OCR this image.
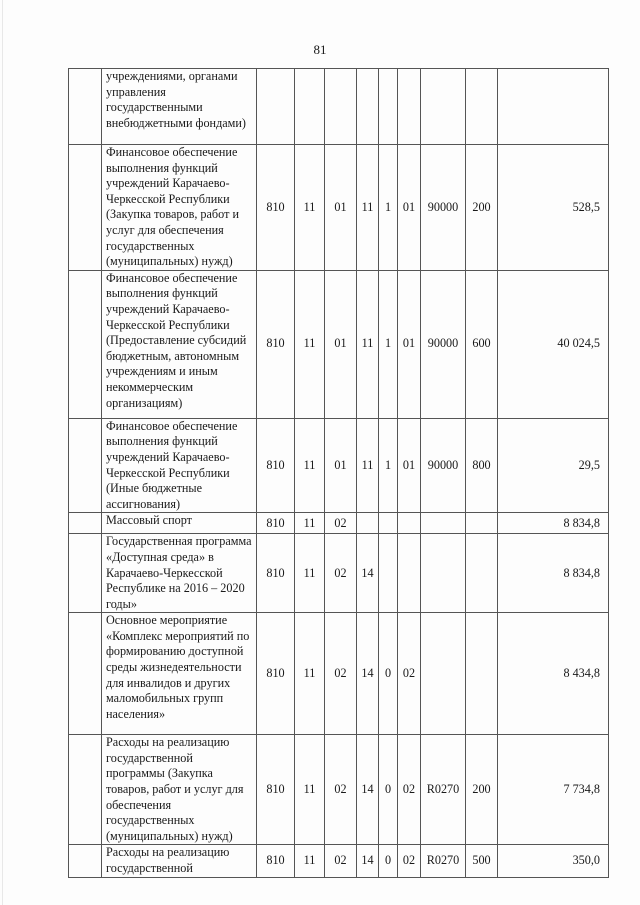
81
	учреждениями, органами управления государственными внебюджетными фондами)									
	Финансовое обеспечение выполнения функций учреждений Карачаево-Черкесской Республики (Закупка товаров, работ и услуг для обеспечения государственных (муниципальных) нужд)	810	11	01	11	1	01	90000	200	528,5
	Финансовое обеспечение выполнения функций учреждений Карачаево-Черкесской Республики (Предоставление субсидий бюджетным, автономным учреждениям и иным некоммерческим организациям)	810	11	01	11	1	01	90000	600	40 024,5
	Финансовое обеспечение выполнения функций учреждений Карачаево-Черкесской Республики (Иные бюджетные ассигнования)	810	11	01	11	1	01	90000	800	29,5
	Массовый спорт	810	11	02						8 834,8
	Государственная программа «Доступная среда» в Карачаево-Черкесской Республике на 2016 – 2020 годы»	810	11	02	14					8 834,8
	Основное мероприятие «Комплекс мероприятий по формированию доступной среды жизнедеятельности для инвалидов и других маломобильных групп населения»	810	11	02	14	0	02			8 434,8
	Расходы на реализацию государственной программы (Закупка товаров, работ и услуг для обеспечения государственных (муниципальных) нужд)	810	11	02	14	0	02	R0270	200	7 734,8
	Расходы на реализацию государственной	810	11	02	14	0	02	R0270	500	350,0
